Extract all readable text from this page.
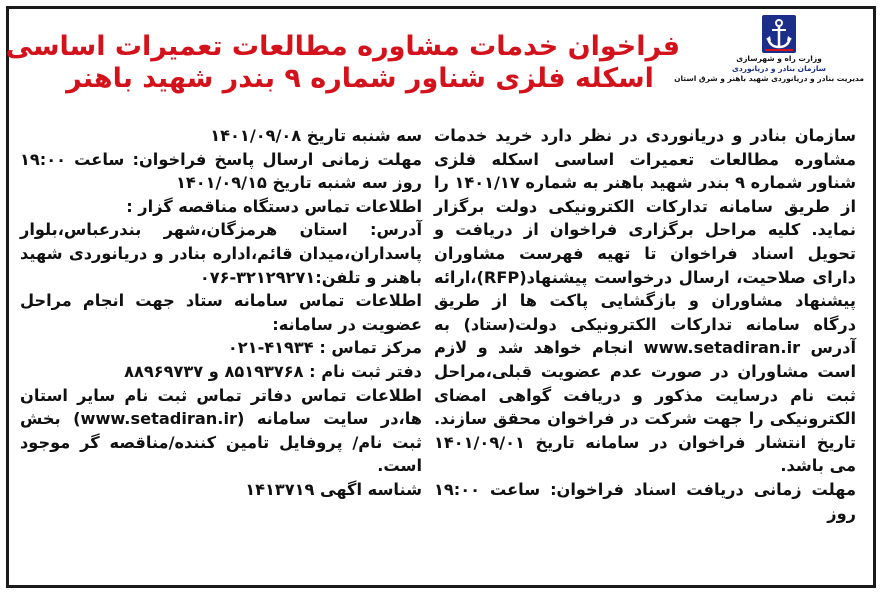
وزارت راه و شهرسازی
سازمان بنادر و دریانوردی
مدیریت بنادر و دریانوردی شهید باهنر و شرق استان
فراخوان خدمات مشاوره مطالعات تعمیرات اساسی
اسکله فلزی شناور شماره ۹ بندر شهید باهنر

سازمان بنادر و دریانوردی در نظر دارد خرید خدمات مشاوره مطالعات تعمیرات اساسی اسکله فلزی شناور شماره ۹ بندر شهید باهنر به شماره ۱۴۰۱/۱۷ را از طریق سامانه تدارکات الکترونیکی دولت برگزار نماید. کلیه مراحل برگزاری فراخوان از دریافت و تحویل اسناد فراخوان تا تهیه فهرست مشاوران دارای صلاحیت، ارسال درخواست پیشنهاد(RFP)،ارائه پیشنهاد مشاوران و بازگشایی پاکت ها از طریق درگاه سامانه تدارکات الکترونیکی دولت(ستاد) به آدرس www.setadiran.ir انجام خواهد شد و لازم است مشاوران در صورت عدم عضویت قبلی،مراحل ثبت نام درسایت مذکور و دریافت گواهی امضای الکترونیکی را جهت شرکت در فراخوان محقق سازند. تاریخ انتشار فراخوان در سامانه تاریخ ۱۴۰۱/۰۹/۰۱ می باشد.

مهلت زمانی دریافت اسناد فراخوان: ساعت ۱۹:۰۰ روز

سه شنبه تاریخ ۱۴۰۱/۰۹/۰۸

مهلت زمانی ارسال پاسخ فراخوان: ساعت ۱۹:۰۰ روز سه شنبه تاریخ ۱۴۰۱/۰۹/۱۵

اطلاعات تماس دستگاه مناقصه گزار :

آدرس: استان هرمزگان،شهر بندرعباس،بلوار پاسداران،میدان قائم،اداره بنادر و دریانوردی شهید باهنر و تلفن:۳۲۱۲۹۲۷۱-۰۷۶

اطلاعات تماس سامانه ستاد جهت انجام مراحل عضویت در سامانه:

مرکز تماس : ۴۱۹۳۴-۰۲۱

دفتر ثبت نام : ۸۵۱۹۳۷۶۸ و ۸۸۹۶۹۷۳۷

اطلاعات تماس دفاتر تماس ثبت نام سایر استان ها،در سایت سامانه (www.setadiran.ir) بخش ثبت نام/ پروفایل تامین کننده/مناقصه گر موجود است.

شناسه اگهی ۱۴۱۳۷۱۹
